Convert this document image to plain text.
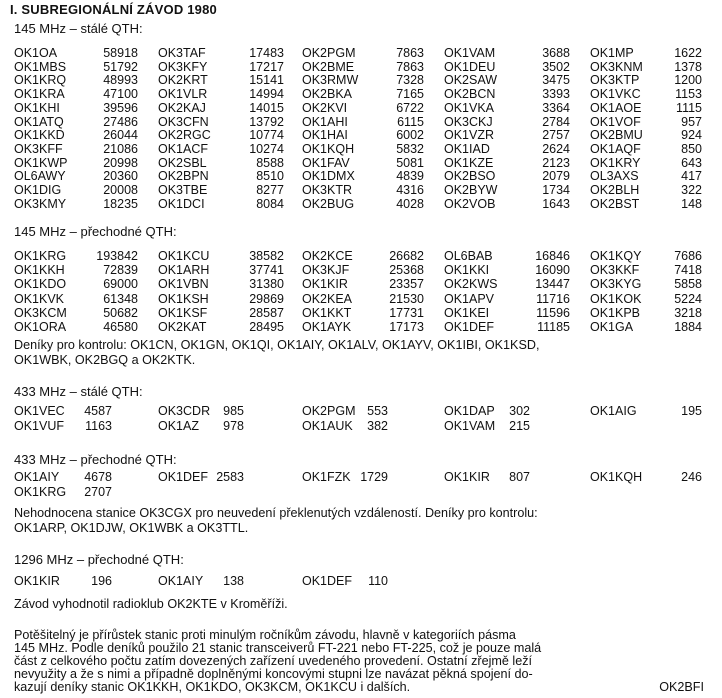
I. SUBREGIONÁLNÍ ZÁVOD 1980
145 MHz – stálé QTH:
OK1OA	58918 OK3TAF	17483 OK2PGM	7863 OK1VAM	3688 OK1MP	1622
OK1MBS	51792 OK3KFY	17217 OK2BME	7863 OK1DEU	3502 OK3KNM	1378
OK1KRQ	48993 OK2KRT	15141 OK3RMW	7328 OK2SAW	3475 OK3KTP	1200
OK1KRA	47100 OK1VLR	14994 OK2BKA	7165 OK2BCN	3393 OK1VKC	1153
OK1KHI	39596 OK2KAJ	14015 OK2KVI	6722 OK1VKA	3364 OK1AOE	1115
OK1ATQ	27486 OK3CFN	13792 OK1AHI	6115 OK3CKJ	2784 OK1VOF	957
OK1KKD	26044 OK2RGC	10774 OK1HAI	6002 OK1VZR	2757 OK2BMU	924
OK3KFF	21086 OK1ACF	10274 OK1KQH	5832 OK1IAD	2624 OK1AQF	850
OK1KWP	20998 OK2SBL	8588 OK1FAV	5081 OK1KZE	2123 OK1KRY	643
OL6AWY	20360 OK2BPN	8510 OK1DMX	4839 OK2BSO	2079 OL3AXS	417
OK1DIG	20008 OK3TBE	8277 OK3KTR	4316 OK2BYW	1734 OK2BLH	322
OK3KMY	18235 OK1DCI	8084 OK2BUG	4028 OK2VOB	1643 OK2BST	148
145 MHz – přechodné QTH:
OK1KRG	193842 OK1KCU	38582 OK2KCE	26682 OL6BAB	16846 OK1KQY	7686
OK1KKH	72839 OK1ARH	37741 OK3KJF	25368 OK1KKI	16090 OK3KKF	7418
OK1KDO	69000 OK1VBN	31380 OK1KIR	23357 OK2KWS	13447 OK3KYG	5858
OK1KVK	61348 OK1KSH	29869 OK2KEA	21530 OK1APV	11716 OK1KOK	5224
OK3KCM	50682 OK1KSF	28587 OK1KKT	17731 OK1KEI	11596 OK1KPB	3218
OK1ORA	46580 OK2KAT	28495 OK1AYK	17173 OK1DEF	11185 OK1GA	1884
Deníky pro kontrolu: OK1CN, OK1GN, OK1QI, OK1AIY, OK1ALV, OK1AYV, OK1IBI, OK1KSD,
OK1WBK, OK2BGQ a OK2KTK.
433 MHz – stálé QTH:
OK1VEC	4587	OK3CDR	985	OK2PGM 553	OK1DAP	302	OK1AIG	195
OK1VUF	1163	OK1AZ	978	OK1AUK	382	OK1VAM	215
433 MHz – přechodné QTH:
OK1AIY	4678	OK1DEF 2583	OK1FZK 1729	OK1KIR	807	OK1KQH	246
OK1KRG	2707
Nehodnocena stanice OK3CGX pro neuvedení překlenutých vzdáleností. Deníky pro kontrolu:
OK1ARP, OK1DJW, OK1WBK a OK3TTL.
1296 MHz – přechodné QTH:
OK1KIR	196	OK1AIY	138	OK1DEF	110
Závod vyhodnotil radioklub OK2KTE v Kroměříži.
Potěšitelný je přírůstek stanic proti minulým ročníkům závodu, hlavně v kategoriích pásma
145 MHz. Podle deníků použilo 21 stanic transceiverů FT-221 nebo FT-225, což je pouze malá
část z celkového počtu zatím dovezených zařízení uvedeného provedení. Ostatní zřejmě leží
nevyužity a že s nimi a případně doplněnými koncovými stupni lze navázat pěkná spojení do-
kazují deníky stanic OK1KKH, OK1KDO, OK3KCM, OK1KCU i dalších.	OK2BFI
